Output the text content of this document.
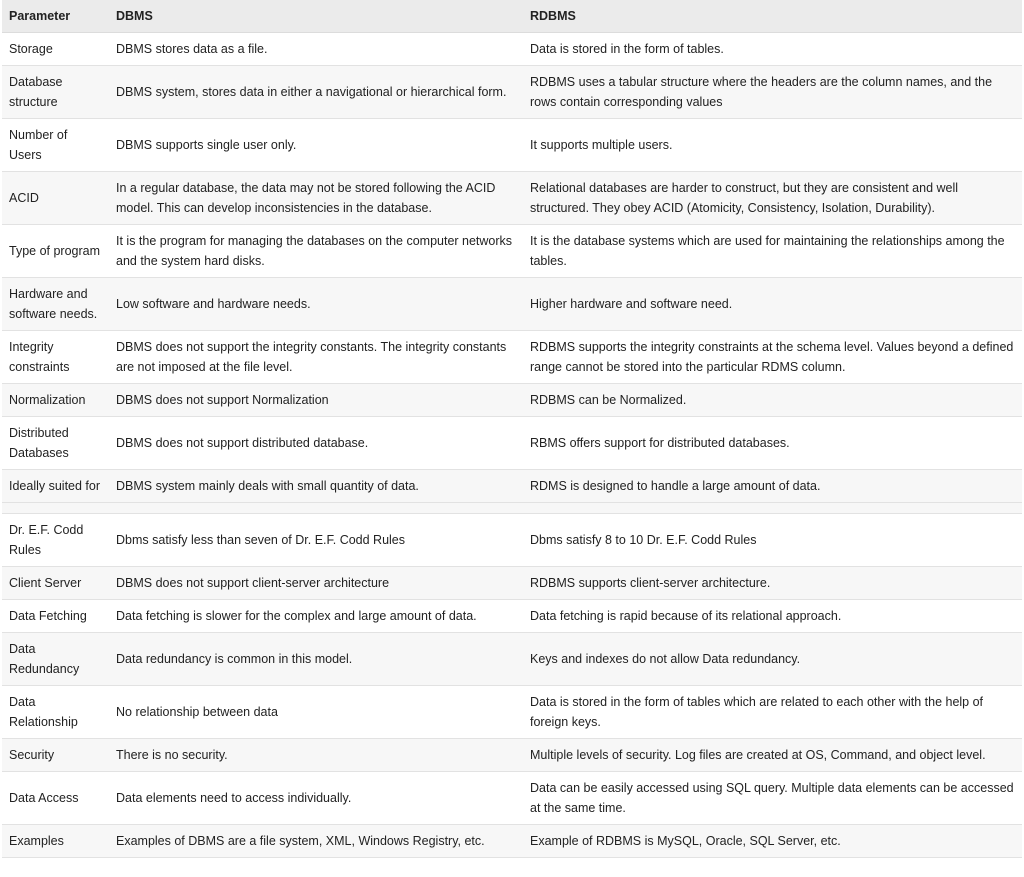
Parameter	DBMS	RDBMS
Storage	DBMS stores data as a file.	Data is stored in the form of tables.
Database structure	DBMS system, stores data in either a navigational or hierarchical form.	RDBMS uses a tabular structure where the headers are the column names, and the rows contain corresponding values
Number of Users	DBMS supports single user only.	It supports multiple users.
ACID	In a regular database, the data may not be stored following the ACID model. This can develop inconsistencies in the database.	Relational databases are harder to construct, but they are consistent and well structured. They obey ACID (Atomicity, Consistency, Isolation, Durability).
Type of program	It is the program for managing the databases on the computer networks and the system hard disks.	It is the database systems which are used for maintaining the relationships among the tables.
Hardware and software needs.	Low software and hardware needs.	Higher hardware and software need.
Integrity constraints	DBMS does not support the integrity constants. The integrity constants are not imposed at the file level.	RDBMS supports the integrity constraints at the schema level. Values beyond a defined range cannot be stored into the particular RDMS column.
Normalization	DBMS does not support Normalization	RDBMS can be Normalized.
Distributed Databases	DBMS does not support distributed database.	RBMS offers support for distributed databases.
Ideally suited for	DBMS system mainly deals with small quantity of data.	RDMS is designed to handle a large amount of data.

Dr. E.F. Codd Rules	Dbms satisfy less than seven of Dr. E.F. Codd Rules	Dbms satisfy 8 to 10 Dr. E.F. Codd Rules
Client Server	DBMS does not support client-server architecture	RDBMS supports client-server architecture.
Data Fetching	Data fetching is slower for the complex and large amount of data.	Data fetching is rapid because of its relational approach.
Data Redundancy	Data redundancy is common in this model.	Keys and indexes do not allow Data redundancy.
Data Relationship	No relationship between data	Data is stored in the form of tables which are related to each other with the help of foreign keys.
Security	There is no security.	Multiple levels of security. Log files are created at OS, Command, and object level.
Data Access	Data elements need to access individually.	Data can be easily accessed using SQL query. Multiple data elements can be accessed at the same time.
Examples	Examples of DBMS are a file system, XML, Windows Registry, etc.	Example of RDBMS is MySQL, Oracle, SQL Server, etc.
